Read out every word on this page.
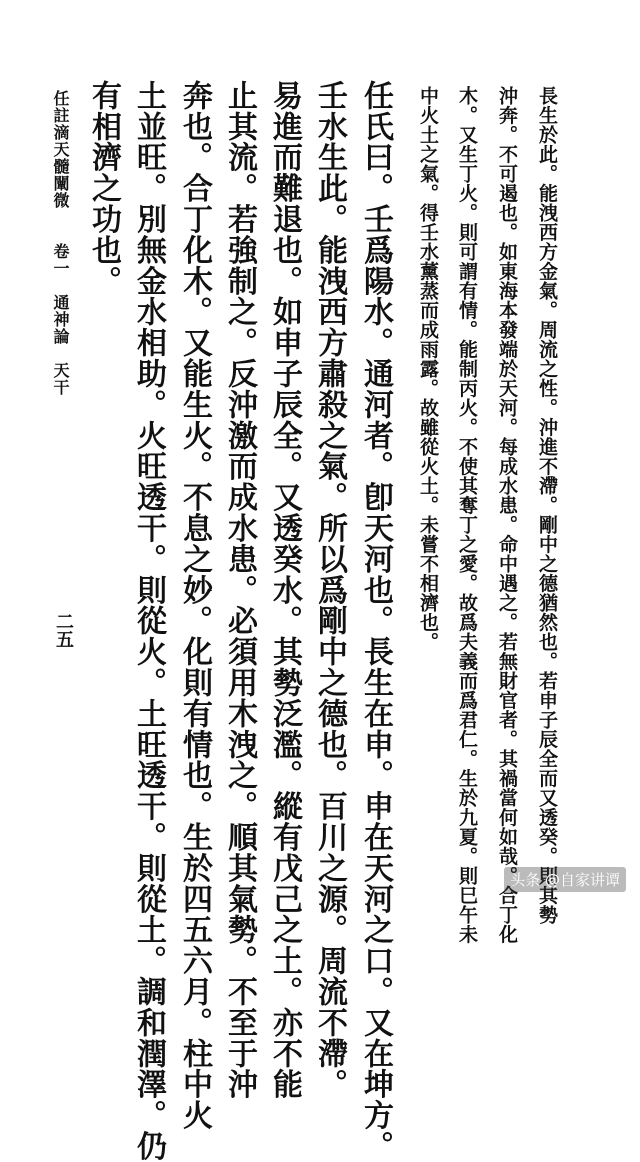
長生於此。能洩西方金氣。周流之性。沖進不滯。剛中之德猶然也。若申子辰全而又透癸。則其勢
沖奔。不可遏也。如東海本發端於天河。每成水患。命中遇之。若無財官者。其禍當何如哉。合丁化
木。又生丁火。則可謂有情。能制丙火。不使其奪丁之愛。故爲夫義而爲君仁。生於九夏。則巳午未
中火土之氣。得壬水薰蒸而成雨露。故雖從火土。未嘗不相濟也。
任氏曰。壬爲陽水。通河者。卽天河也。長生在申。申在天河之口。又在坤方。
壬水生此。能洩西方肅殺之氣。所以爲剛中之德也。百川之源。周流不滯。
易進而難退也。如申子辰全。又透癸水。其勢泛濫。縱有戊己之土。亦不能
止其流。若強制之。反沖激而成水患。必須用木洩之。順其氣勢。不至于沖
奔也。合丁化木。又能生火。不息之妙。化則有情也。生於四五六月。柱中火
土並旺。別無金水相助。火旺透干。則從火。土旺透干。則從土。調和潤澤。仍
有相濟之功也。
任註滴天髓闡微　　卷一　通神論　天干
二五
头条 @自家讲谭
